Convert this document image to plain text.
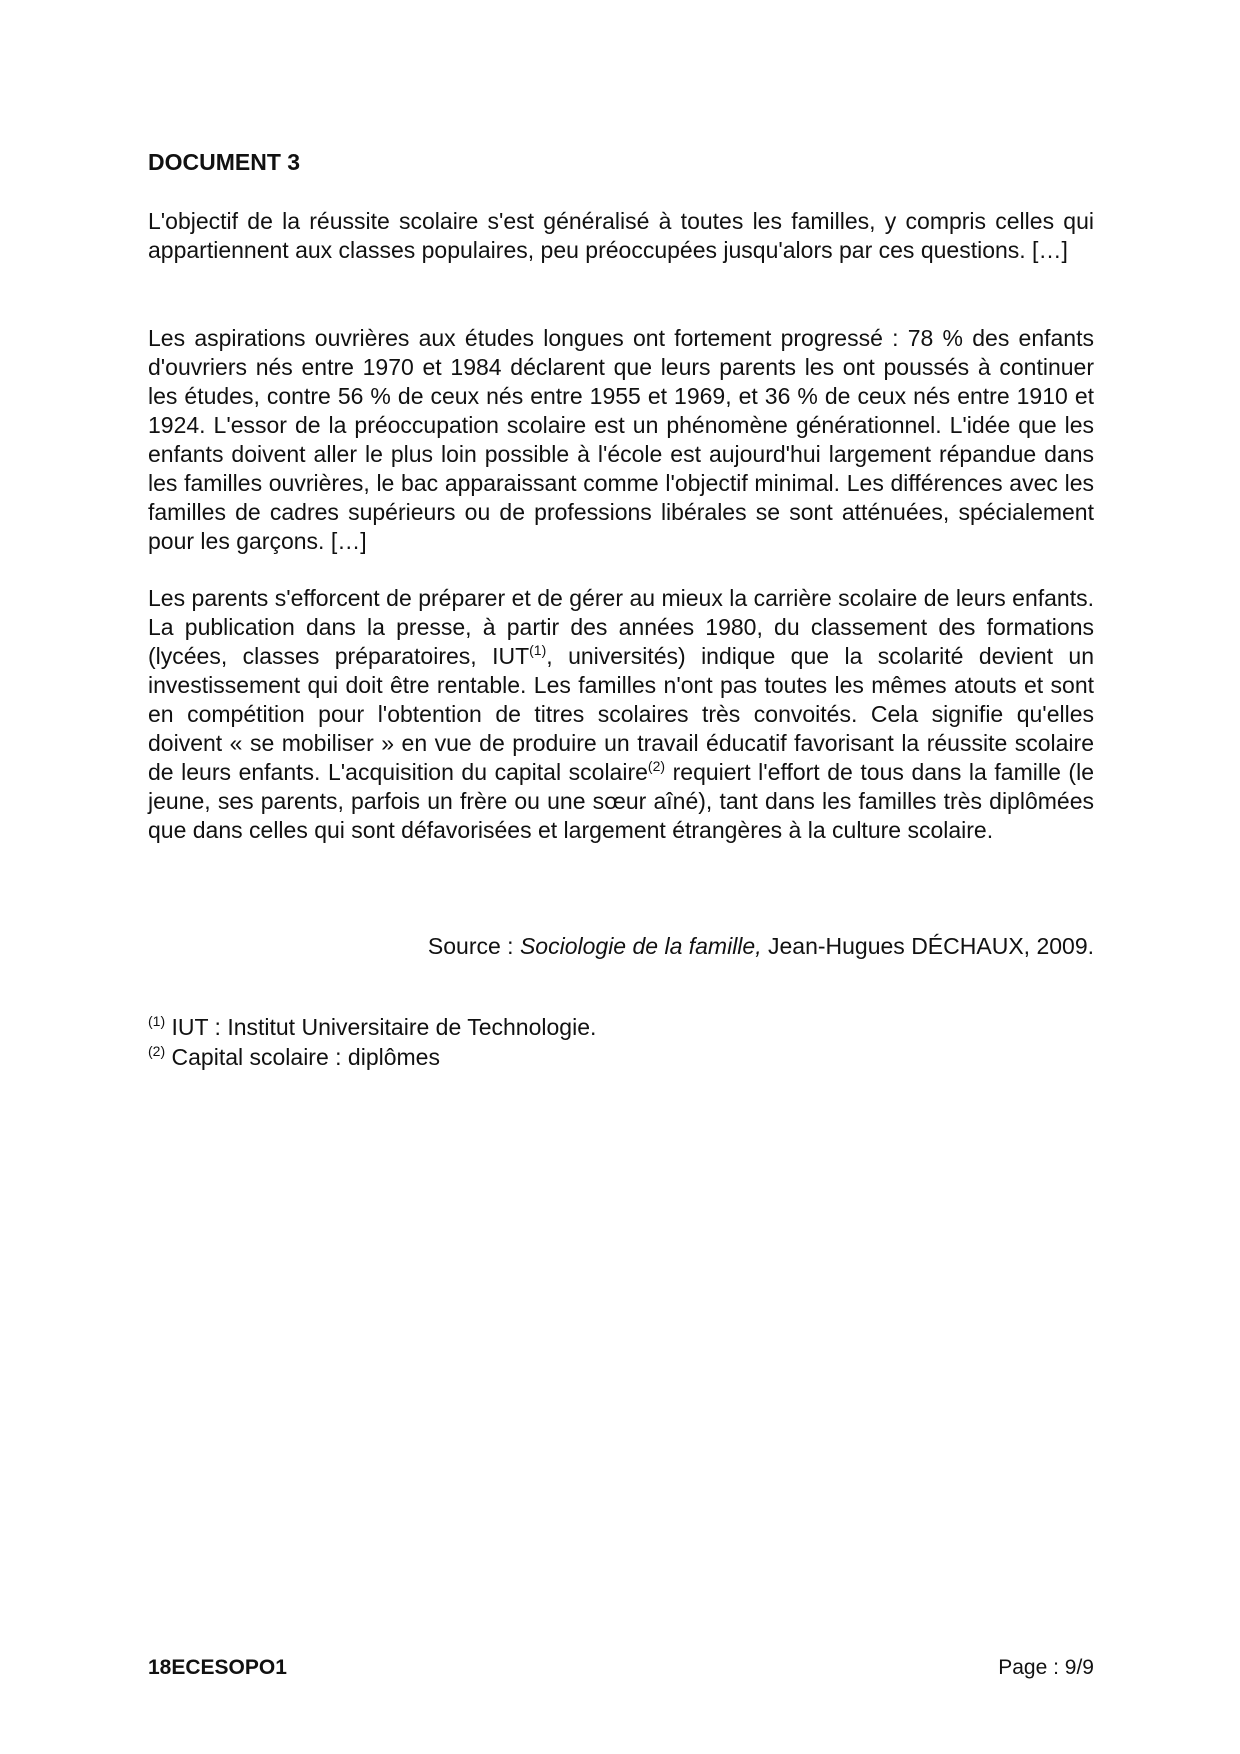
DOCUMENT 3

L'objectif de la réussite scolaire s'est généralisé à toutes les familles, y compris celles qui appartiennent aux classes populaires, peu préoccupées jusqu'alors par ces questions. […]

Les aspirations ouvrières aux études longues ont fortement progressé : 78 % des enfants d'ouvriers nés entre 1970 et 1984 déclarent que leurs parents les ont poussés à continuer les études, contre 56 % de ceux nés entre 1955 et 1969, et 36 % de ceux nés entre 1910 et 1924. L'essor de la préoccupation scolaire est un phénomène générationnel. L'idée que les enfants doivent aller le plus loin possible à l'école est aujourd'hui largement répandue dans les familles ouvrières, le bac apparaissant comme l'objectif minimal. Les différences avec les familles de cadres supérieurs ou de professions libérales se sont atténuées, spécialement pour les garçons. […]

Les parents s'efforcent de préparer et de gérer au mieux la carrière scolaire de leurs enfants. La publication dans la presse, à partir des années 1980, du classement des formations (lycées, classes préparatoires, IUT$^{(1)}$, universités) indique que la scolarité devient un investissement qui doit être rentable. Les familles n'ont pas toutes les mêmes atouts et sont en compétition pour l'obtention de titres scolaires très convoités. Cela signifie qu'elles doivent « se mobiliser » en vue de produire un travail éducatif favorisant la réussite scolaire de leurs enfants. L'acquisition du capital scolaire$^{(2)}$ requiert l'effort de tous dans la famille (le jeune, ses parents, parfois un frère ou une sœur aîné), tant dans les familles très diplômées que dans celles qui sont défavorisées et largement étrangères à la culture scolaire.

Source : Sociologie de la famille, Jean-Hugues DÉCHAUX, 2009.
$^{(1)}$ IUT : Institut Universitaire de Technologie.
$^{(2)}$ Capital scolaire : diplômes
18ECESOPO1	Page : 9/9
